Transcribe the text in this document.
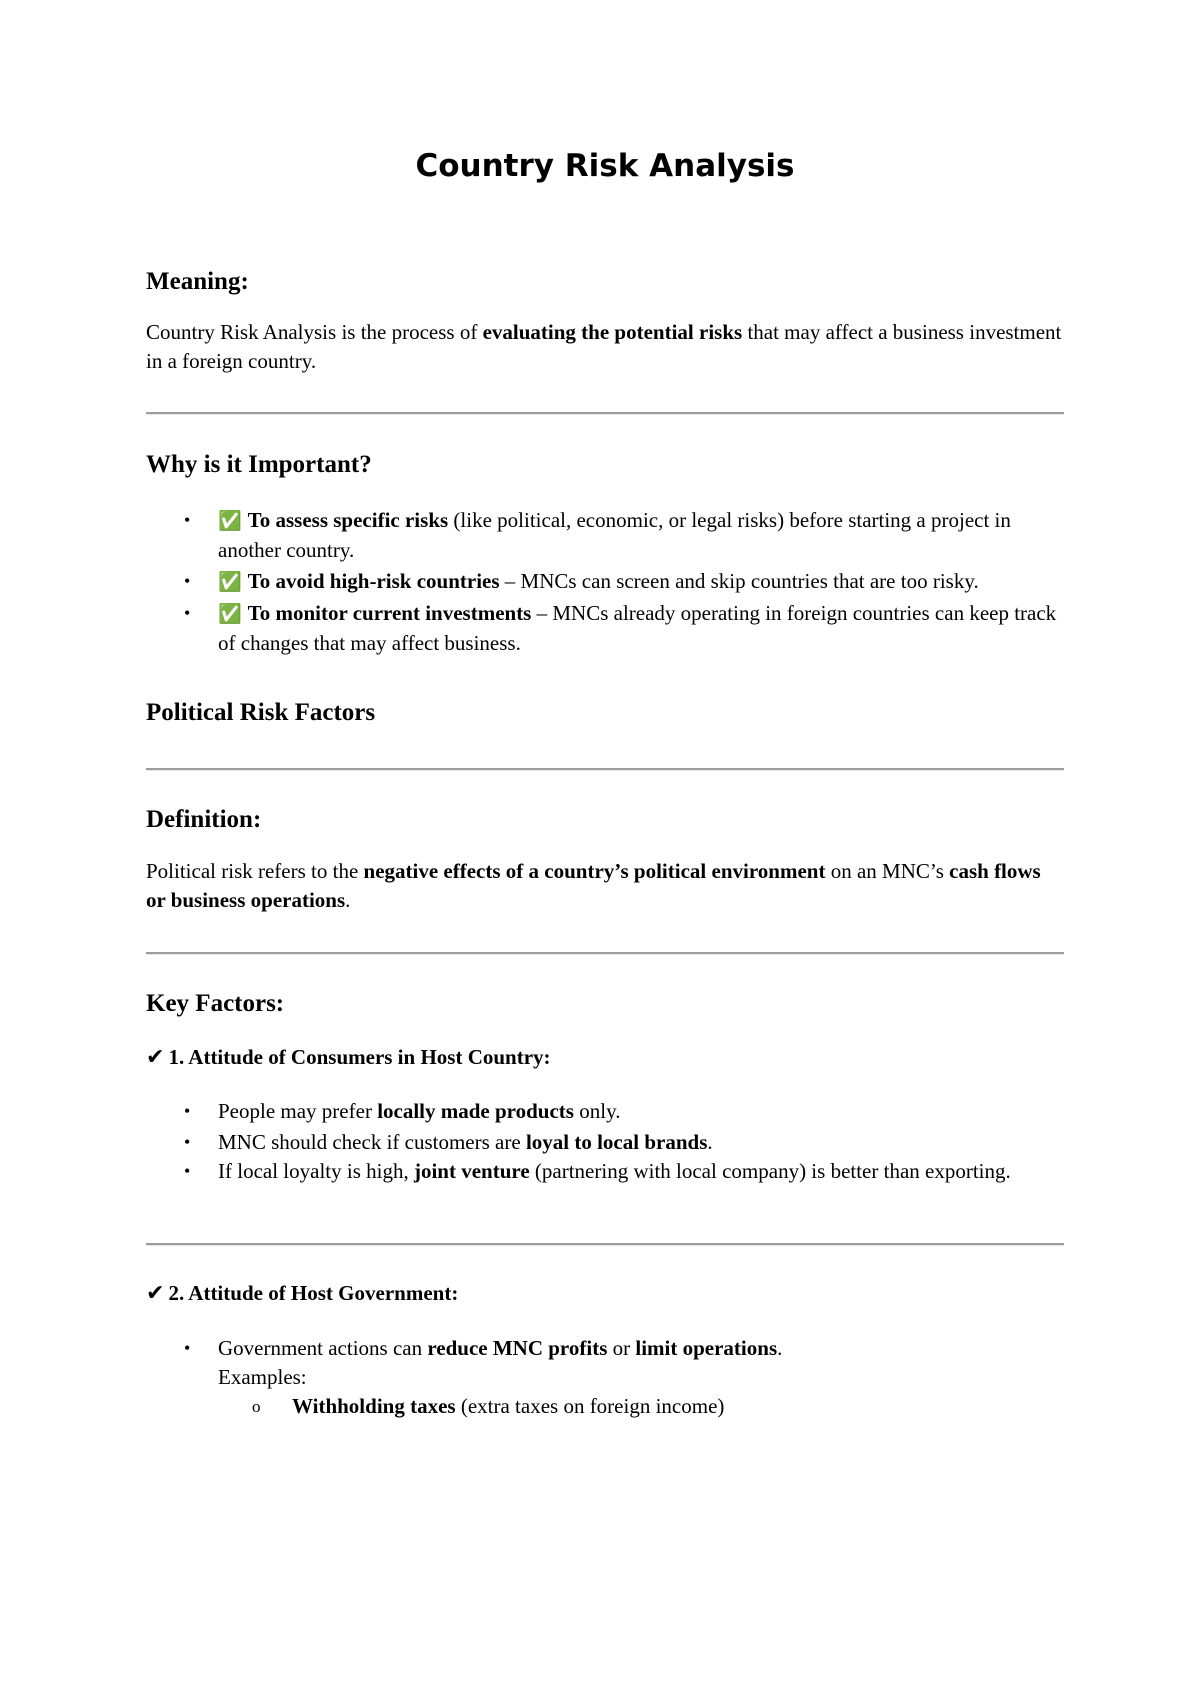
Country Risk Analysis
Meaning:

Country Risk Analysis is the process of evaluating the potential risks that may affect a business investment in a foreign country.

Why is it Important?
• ✅ To assess specific risks (like political, economic, or legal risks) before starting a project in another country.
• ✅ To avoid high-risk countries – MNCs can screen and skip countries that are too risky.
• ✅ To monitor current investments – MNCs already operating in foreign countries can keep track of changes that may affect business.
Political Risk Factors
Definition:

Political risk refers to the negative effects of a country’s political environment on an MNC’s cash flows or business operations.

Key Factors:
✔ 1. Attitude of Consumers in Host Country:
• People may prefer locally made products only.
• MNC should check if customers are loyal to local brands.
• If local loyalty is high, joint venture (partnering with local company) is better than exporting.
✔ 2. Attitude of Host Government:
• Government actions can reduce MNC profits or limit operations.
Examples:
o Withholding taxes (extra taxes on foreign income)
